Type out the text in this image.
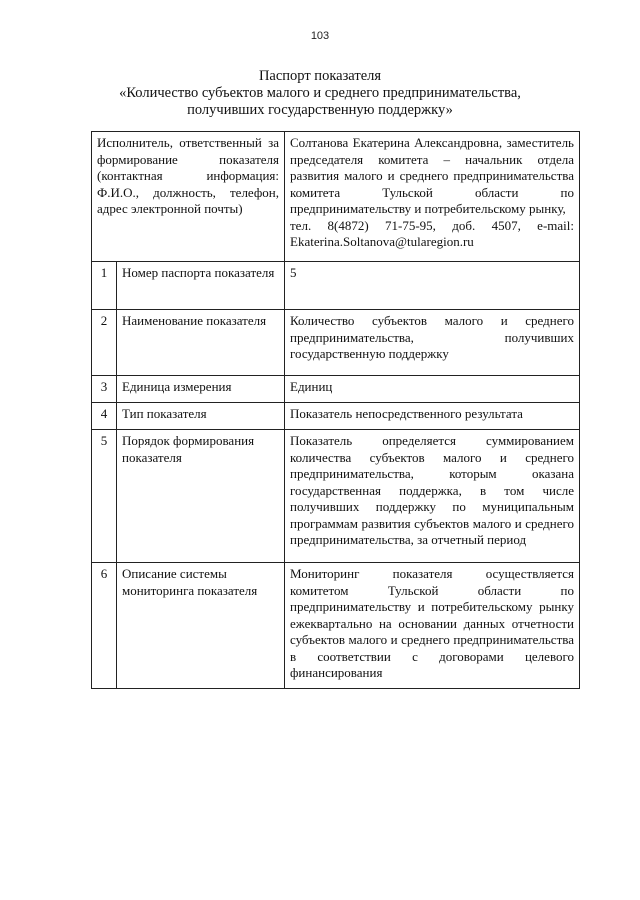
103
Паспорт показателя
«Количество субъектов малого и среднего предпринимательства,
получивших государственную поддержку»
Исполнитель, ответственный за формирование показателя (контактная информация: Ф.И.О., должность, телефон, адрес электронной почты)		Солтанова Екатерина Александровна, заместитель председателя комитета – начальник отдела развития малого и среднего предпринимательства комитета Тульской области по предпринимательству и потребительскому рынку,
тел. 8(4872) 71-75-95, доб. 4507, e-mail: Ekaterina.Soltanova@tularegion.ru

1	Номер паспорта показателя	5
2	Наименование показателя	Количество субъектов малого и среднего предпринимательства, получивших государственную поддержку
3	Единица измерения	Единиц
4	Тип показателя	Показатель непосредственного результата
5	Порядок формирования показателя	Показатель определяется суммированием количества субъектов малого и среднего предпринимательства, которым оказана государственная поддержка, в том числе получивших поддержку по муниципальным программам развития субъектов малого и среднего предпринимательства, за отчетный период
6	Описание системы мониторинга показателя	Мониторинг показателя осуществляется комитетом Тульской области по предпринимательству и потребительскому рынку ежеквартально на основании данных отчетности субъектов малого и среднего предпринимательства в соответствии с договорами целевого финансирования
